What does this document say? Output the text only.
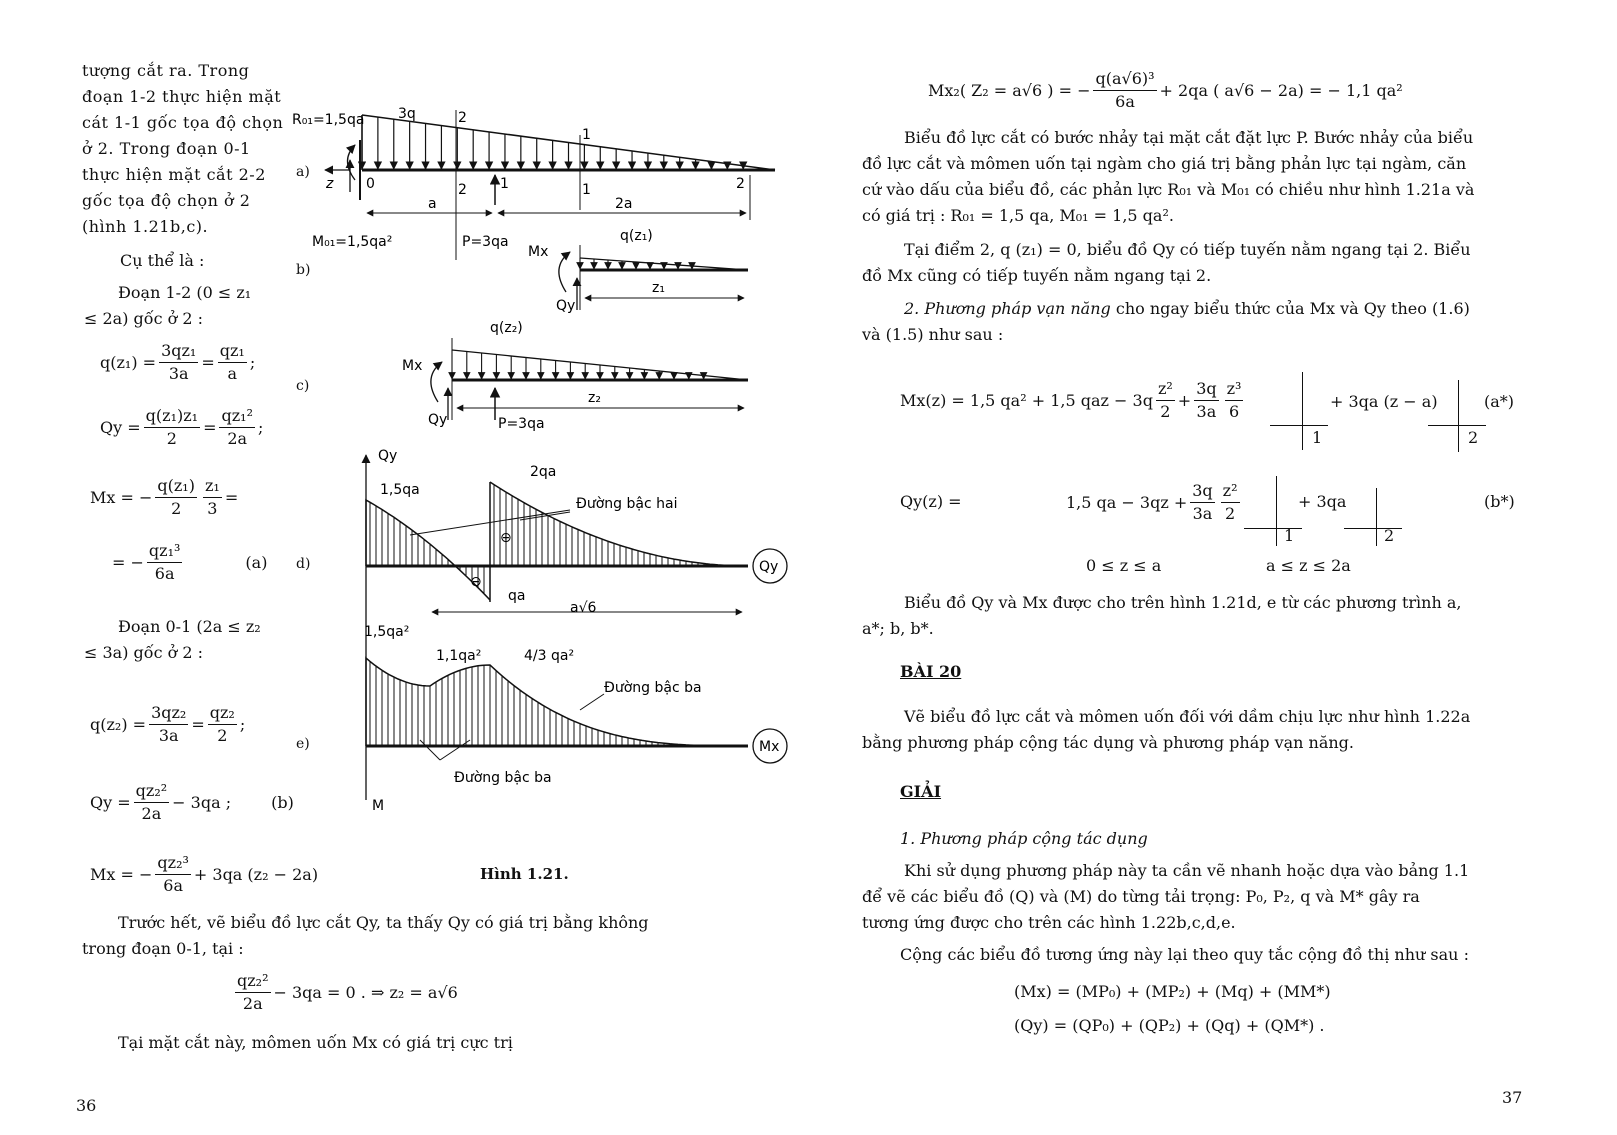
tượng cắt ra. Trong
đoạn 1-2 thực hiện mặt
cát 1-1 gốc tọa độ chọn
ở 2. Trong đoạn 0-1
thực hiện mặt cắt 2-2
gốc tọa độ chọn ở 2
(hình 1.21b,c).
Cụ thể là :
Đoạn 1-2 (0 ≤ z₁
≤ 2a) gốc ở 2 :
$q(z_1) = \frac{\text{3qz₁}}{3a} = \frac{\text{qz₁}}{a}$ ;
$Qy = \frac{\text{q(z₁)z₁}}{2} = \frac{\text{qz₁²}}{2a}$ ;
Mx = − $\frac{\text{q(z₁)}}{2} \frac{\text{z₁}}{3}$ =
= − $\frac{\text{qz₁³}}{6a}$	(a)
Đoạn 0-1 (2a ≤ z₂
≤ 3a) gốc ở 2 :
$q(z_2) = \frac{\text{3qz₂}}{3a} = \frac{\text{qz₂}}{2}$ ;
$Qy = \frac{\text{qz₂²}}{2a} - 3qa$ ;	(b)
Mx = − $\frac{\text{qz₂³}}{6a} + 3qa$ (z₂ − 2a)	Hình 1.21.
Trước hết, vẽ biểu đồ lực cắt Qy, ta thấy Qy có giá trị bằng không
trong đoạn 0-1, tại :
$\frac{\text{qz₂²}}{2a} - 3qa = 0$ . ⇒ z₂ = a√6
Tại mặt cắt này, mômen uốn Mx có giá trị cực trị
36
a)
b)
c)
d)
e)
R₀₁=1,5qa 3q	2
1
z 0	2 1	1	2
a	2a
M₀₁=1,5qa²	P=3qa	q(z₁)
Mx
Qy
z₁
q(z₂)
Mx
Qy
z₂
P=3qa
Qy
1,5qa
2qa
qa
Đường bậc hai
a√6
⊕
⊖
Qy
1,5qa²
1,1qa²	4/3 qa²
Đường bậc ba
Đường bậc ba
M
Mx
Mx₂( Z₂ = a√6 ) = − $\frac{\text{q(a√6)³}}{6a} + 2qa$ ( a√6 − 2a) = − 1,1 qa²
Biểu đồ lực cắt có bước nhảy tại mặt cắt đặt lực P. Bước nhảy của biểu
đồ lực cắt và mômen uốn tại ngàm cho giá trị bằng phản lực tại ngàm, căn
cứ vào dấu của biểu đồ, các phản lực R₀₁ và M₀₁ có chiều như hình 1.21a và
có giá trị : R₀₁ = 1,5 qa, M₀₁ = 1,5 qa².
Tại điểm 2, q (z₁) = 0, biểu đồ Qy có tiếp tuyến nằm ngang tại 2. Biểu
đồ Mx cũng có tiếp tuyến nằm ngang tại 2.
2. Phương pháp vạn năng cho ngay biểu thức của Mx và Qy theo (1.6)
và (1.5) như sau :
Mx(z) = 1,5 qa² + 1,5 qaz − $3q \frac{\text{z²}}{2} + \frac{3q}{3a} \frac{\text{z³}}{6}$	+ 3qa (z − a)	(a*)
1	2
Qy(z) =	1,5 qa − $3qz + \frac{3q}{3a} \frac{\text{z²}}{2}$	+ 3qa	(b*)
1	2
0 ≤ z ≤ a	a ≤ z ≤ 2a
Biểu đồ Qy và Mx được cho trên hình 1.21d, e từ các phương trình a,
a*; b, b*.
BÀI 20
Vẽ biểu đồ lực cắt và mômen uốn đối với dầm chịu lực như hình 1.22a
bằng phương pháp cộng tác dụng và phương pháp vạn năng.
GIẢI
1. Phương pháp cộng tác dụng
Khi sử dụng phương pháp này ta cần vẽ nhanh hoặc dựa vào bảng 1.1
để vẽ các biểu đồ (Q) và (M) do từng tải trọng: P₀, P₂, q và M* gây ra
tương ứng được cho trên các hình 1.22b,c,d,e.
Cộng các biểu đồ tương ứng này lại theo quy tắc cộng đồ thị như sau :
(Mx) = (MP₀) + (MP₂) + (Mq) + (MM*)
(Qy) = (QP₀) + (QP₂) + (Qq) + (QM*) .
37
